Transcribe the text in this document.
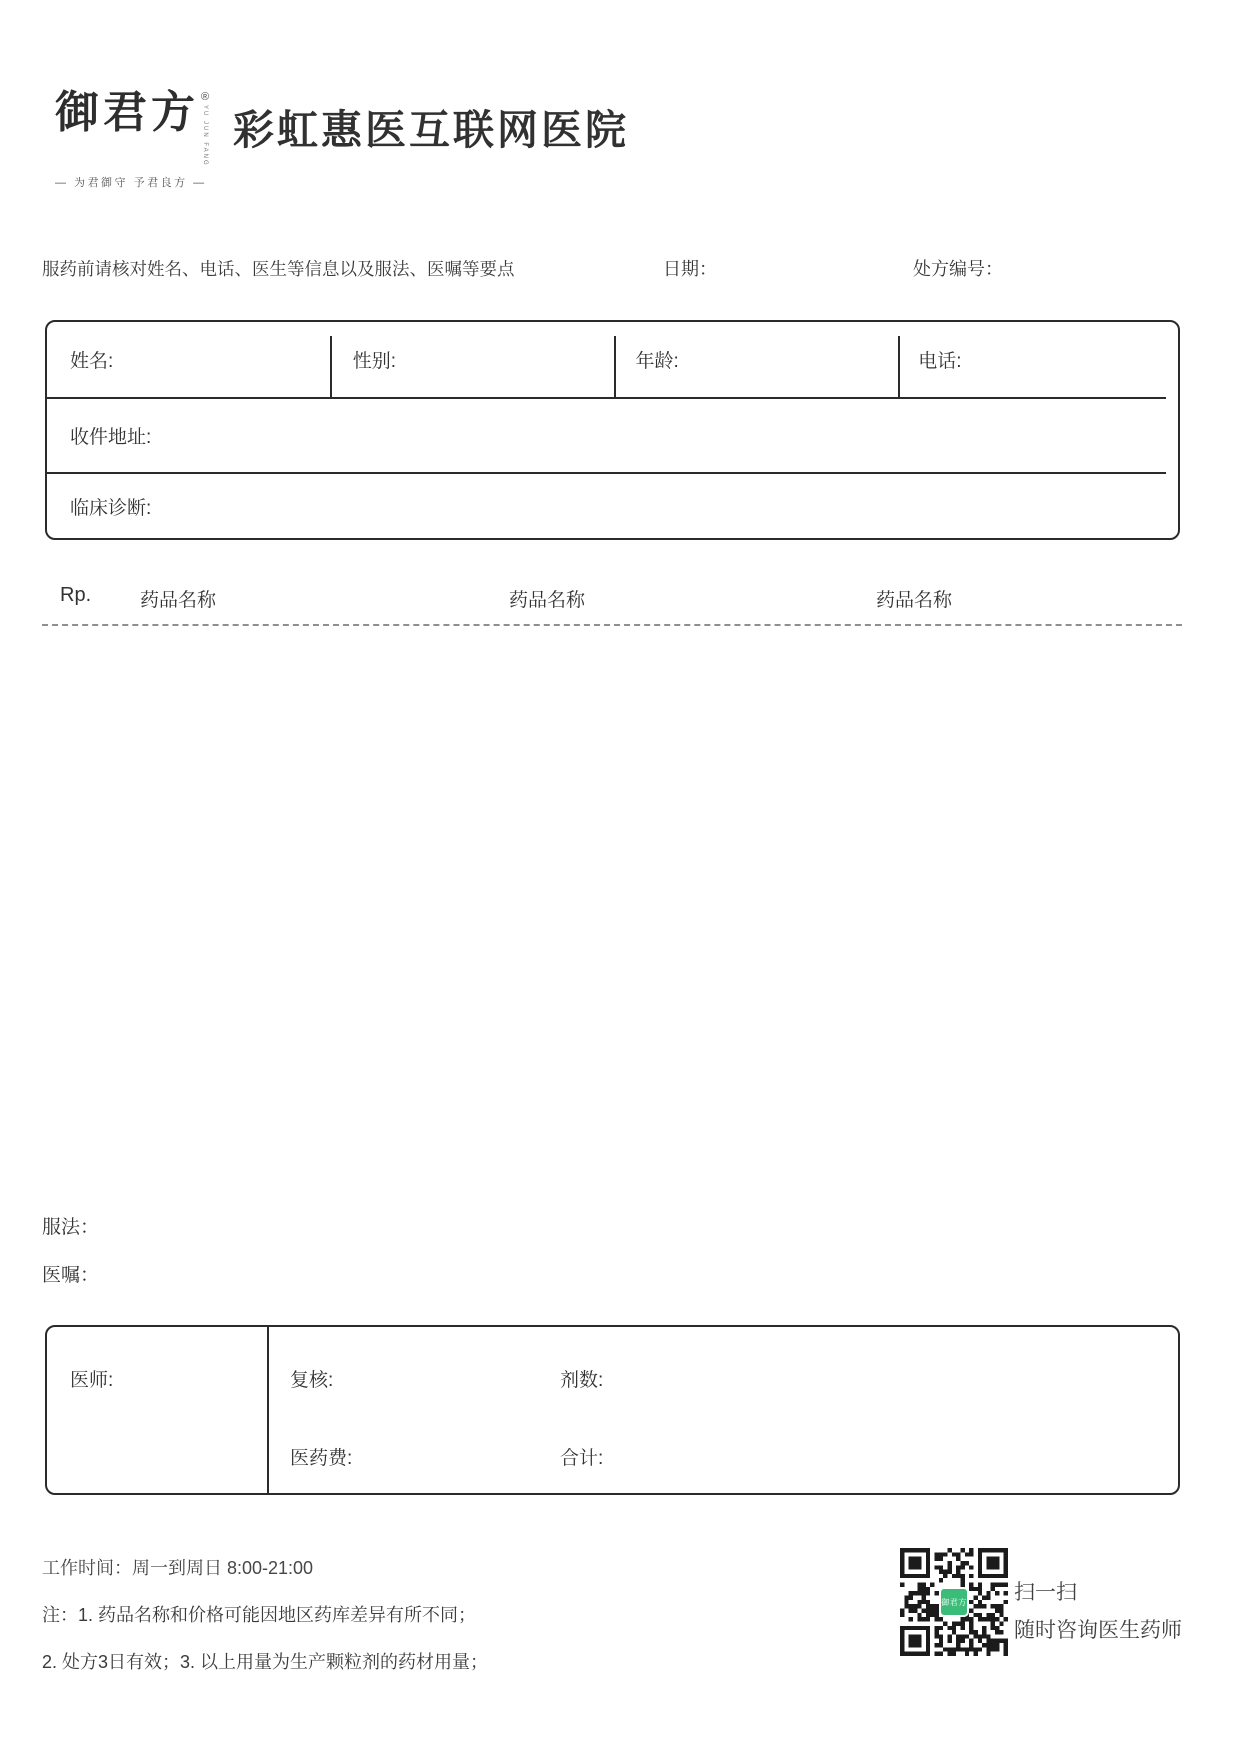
御君方 ®
YU JUN FANG
— 为君御守 予君良方 —
彩虹惠医互联网医院
服药前请核对姓名、电话、医生等信息以及服法、医嘱等要点	日期：	处方编号：
姓名:	性别:	年龄:	电话:
收件地址:
临床诊断:
Rp.	药品名称	药品名称	药品名称
服法：
医嘱：
医师:	复核:	剂数:
医药费:	合计:
工作时间：周一到周日 8:00-21:00
注：1. 药品名称和价格可能因地区药库差异有所不同；
2. 处方3日有效；3. 以上用量为生产颗粒剂的药材用量；
御君方 扫一扫
随时咨询医生药师
